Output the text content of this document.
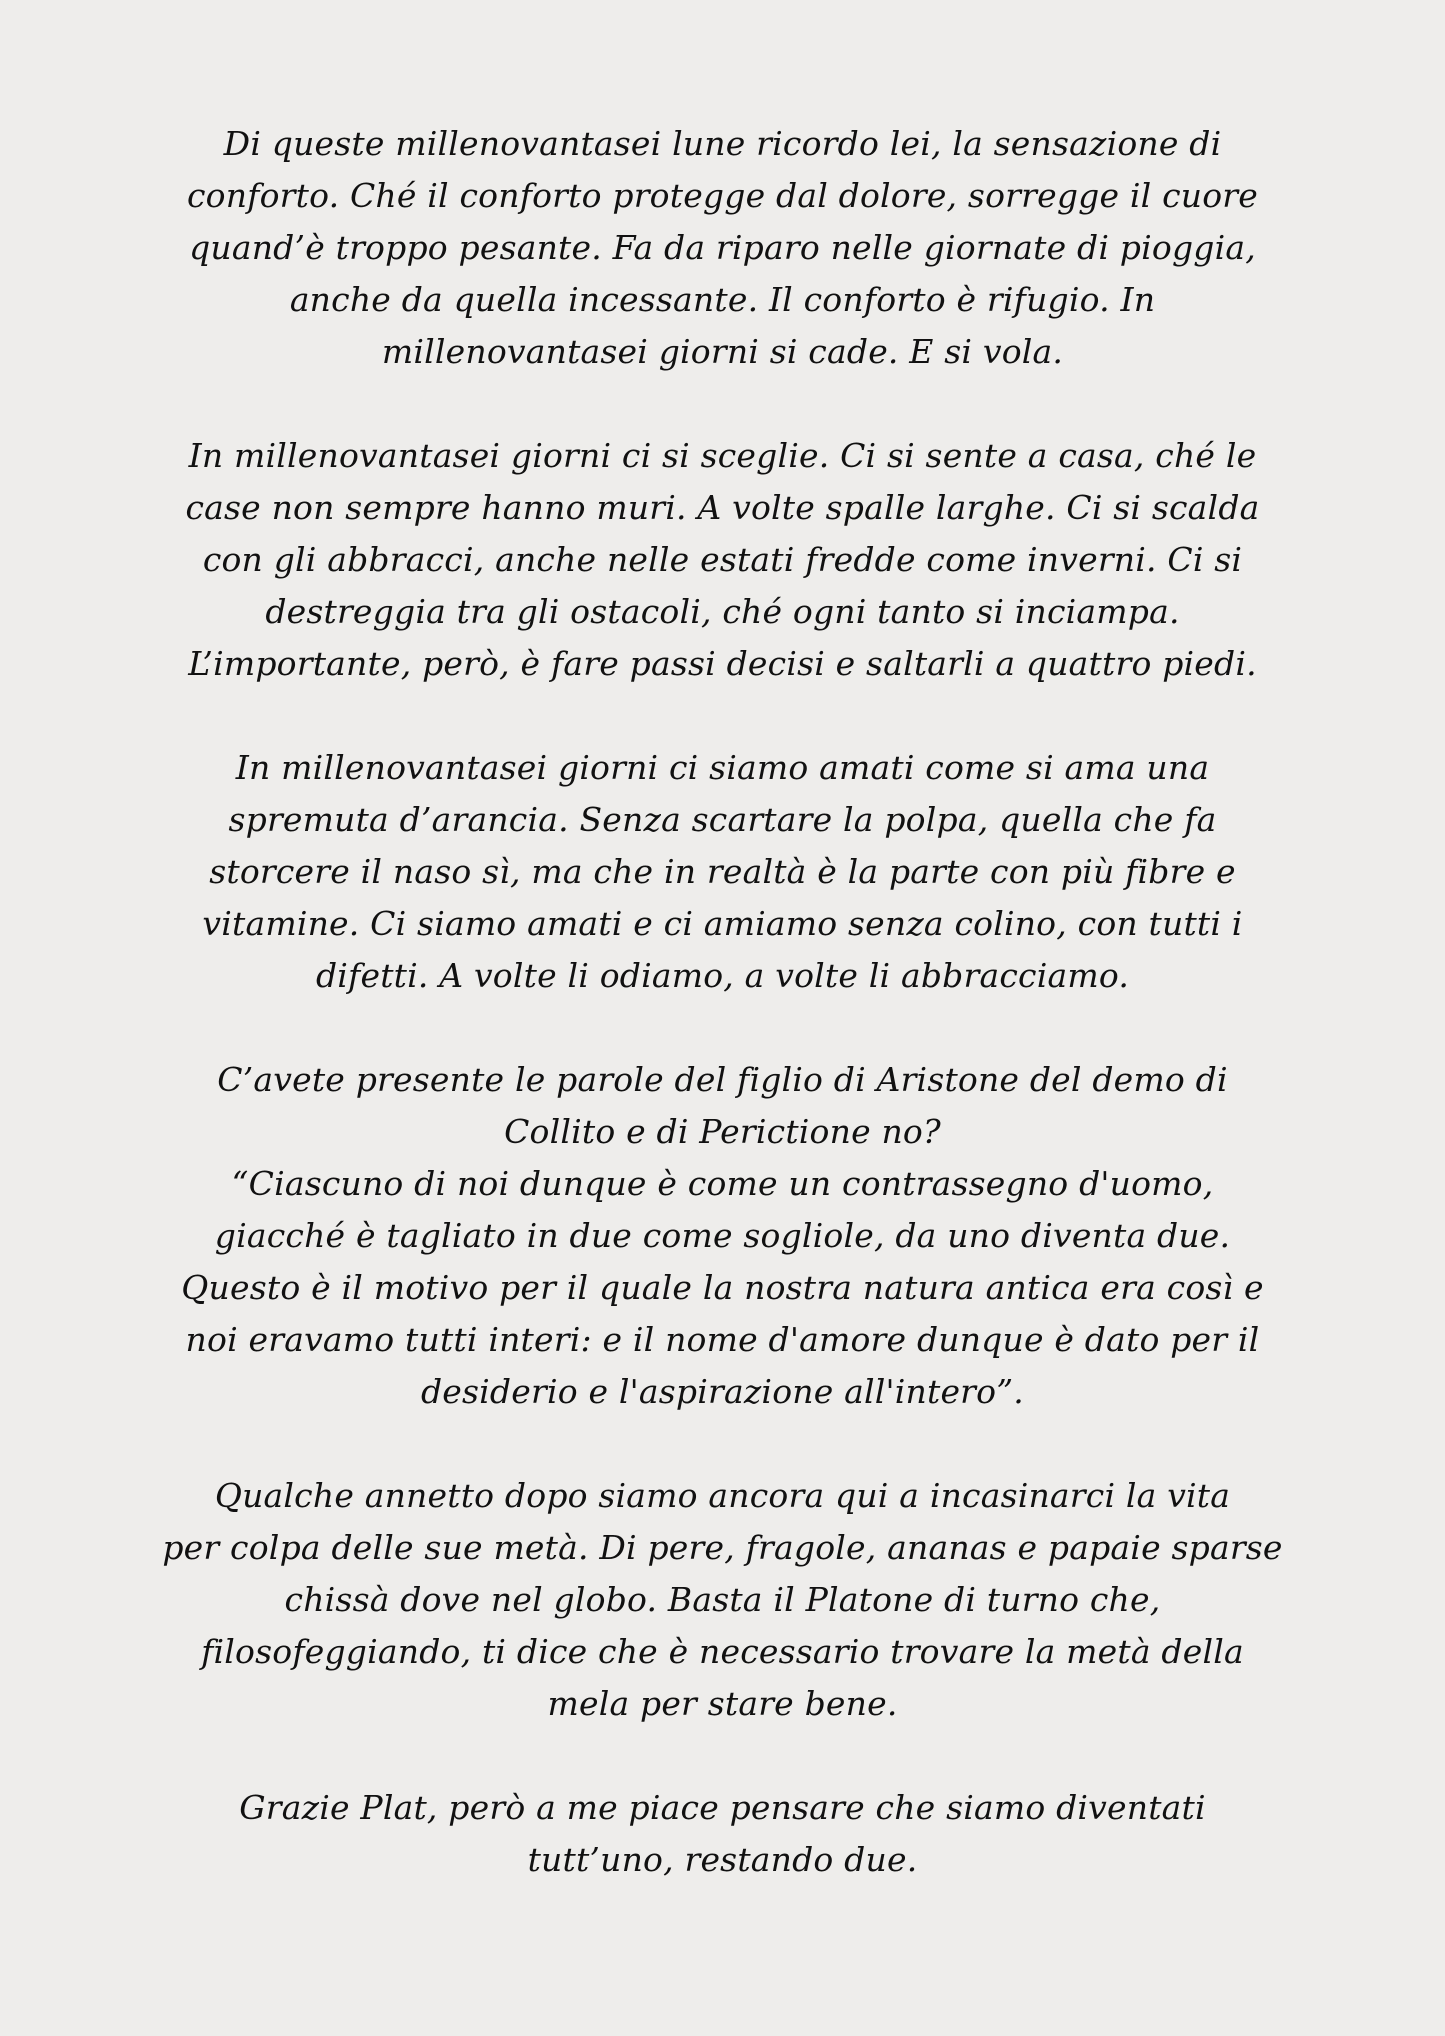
Di queste millenovantasei lune ricordo lei, la sensazione di
conforto. Ché il conforto protegge dal dolore, sorregge il cuore
quand’è troppo pesante. Fa da riparo nelle giornate di pioggia,
anche da quella incessante. Il conforto è rifugio. In
millenovantasei giorni si cade. E si vola.
In millenovantasei giorni ci si sceglie. Ci si sente a casa, ché le
case non sempre hanno muri. A volte spalle larghe. Ci si scalda
con gli abbracci, anche nelle estati fredde come inverni. Ci si
destreggia tra gli ostacoli, ché ogni tanto si inciampa.
L’importante, però, è fare passi decisi e saltarli a quattro piedi.
In millenovantasei giorni ci siamo amati come si ama una
spremuta d’arancia. Senza scartare la polpa, quella che fa
storcere il naso sì, ma che in realtà è la parte con più fibre e
vitamine. Ci siamo amati e ci amiamo senza colino, con tutti i
difetti. A volte li odiamo, a volte li abbracciamo.
C’avete presente le parole del figlio di Aristone del demo di
Collito e di Perictione no?
“Ciascuno di noi dunque è come un contrassegno d'uomo,
giacché è tagliato in due come sogliole, da uno diventa due.
Questo è il motivo per il quale la nostra natura antica era così e
noi eravamo tutti interi: e il nome d'amore dunque è dato per il
desiderio e l'aspirazione all'intero”.
Qualche annetto dopo siamo ancora qui a incasinarci la vita
per colpa delle sue metà. Di pere, fragole, ananas e papaie sparse
chissà dove nel globo. Basta il Platone di turno che,
filosofeggiando, ti dice che è necessario trovare la metà della
mela per stare bene.
Grazie Plat, però a me piace pensare che siamo diventati
tutt’uno, restando due.
